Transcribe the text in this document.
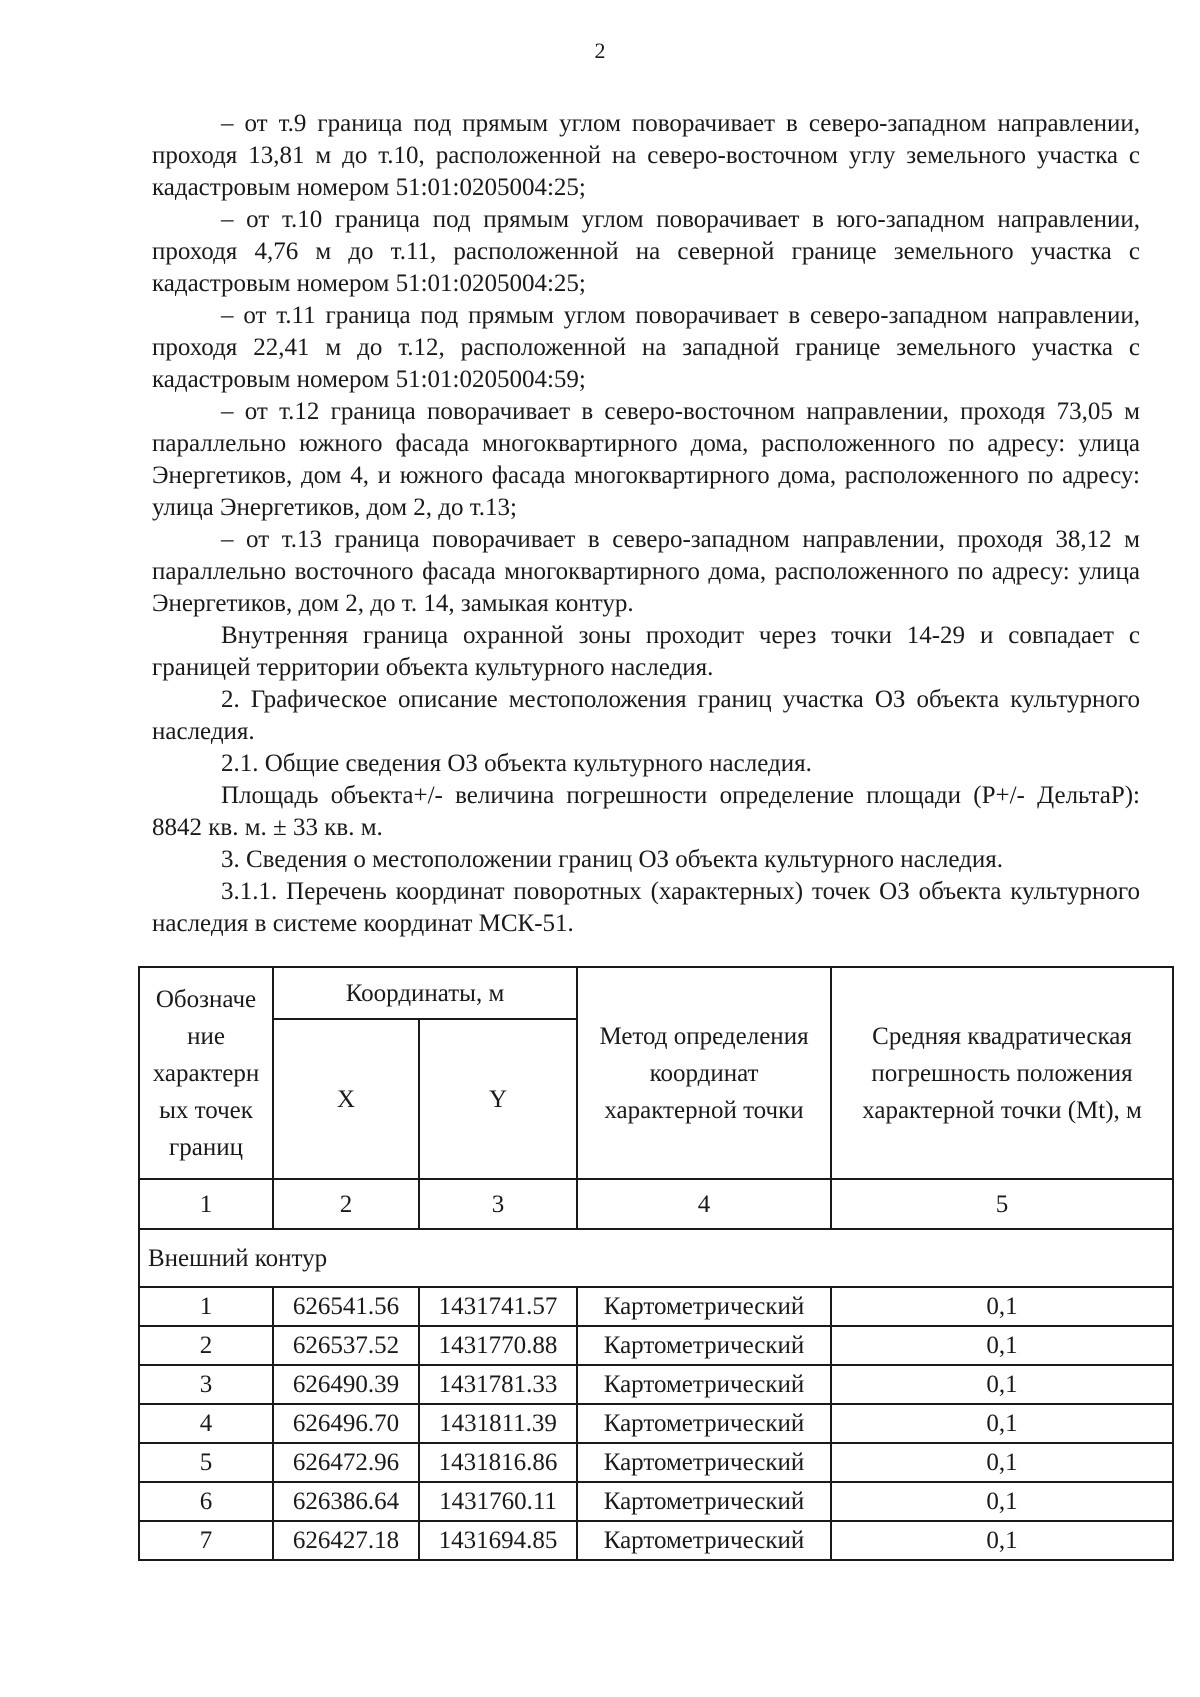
2

– от т.9 граница под прямым углом поворачивает в северо-западном направлении, проходя 13,81 м до т.10, расположенной на северо-восточном углу земельного участка с кадастровым номером 51:01:0205004:25;

– от т.10 граница под прямым углом поворачивает в юго-западном направлении, проходя 4,76 м до т.11, расположенной на северной границе земельного участка с кадастровым номером 51:01:0205004:25;

– от т.11 граница под прямым углом поворачивает в северо-западном направлении, проходя 22,41 м до т.12, расположенной на западной границе земельного участка с кадастровым номером 51:01:0205004:59;

– от т.12 граница поворачивает в северо-восточном направлении, проходя 73,05 м параллельно южного фасада многоквартирного дома, расположенного по адресу: улица Энергетиков, дом 4, и южного фасада многоквартирного дома, расположенного по адресу: улица Энергетиков, дом 2, до т.13;

– от т.13 граница поворачивает в северо-западном направлении, проходя 38,12 м параллельно восточного фасада многоквартирного дома, расположенного по адресу: улица Энергетиков, дом 2, до т. 14, замыкая контур.

Внутренняя граница охранной зоны проходит через точки 14-29 и совпадает с границей территории объекта культурного наследия.

2. Графическое описание местоположения границ участка ОЗ объекта культурного наследия.

2.1. Общие сведения ОЗ объекта культурного наследия.

Площадь объекта+/- величина погрешности определение площади (Р+/- ДельтаР): 8842 кв. м. ± 33 кв. м.

3. Сведения о местоположении границ ОЗ объекта культурного наследия.

3.1.1. Перечень координат поворотных (характерных) точек ОЗ объекта культурного наследия в системе координат МСК-51.

Обозначе ние характерн ых точек границ	Координаты, м		Метод определения координат характерной точки	Средняя квадратическая погрешность положения характерной точки (Mt), м
	X	Y		
1	2	3	4	5
Внешний контур				
1	626541.56	1431741.57	Картометрический	0,1
2	626537.52	1431770.88	Картометрический	0,1
3	626490.39	1431781.33	Картометрический	0,1
4	626496.70	1431811.39	Картометрический	0,1
5	626472.96	1431816.86	Картометрический	0,1
6	626386.64	1431760.11	Картометрический	0,1
7	626427.18	1431694.85	Картометрический	0,1
